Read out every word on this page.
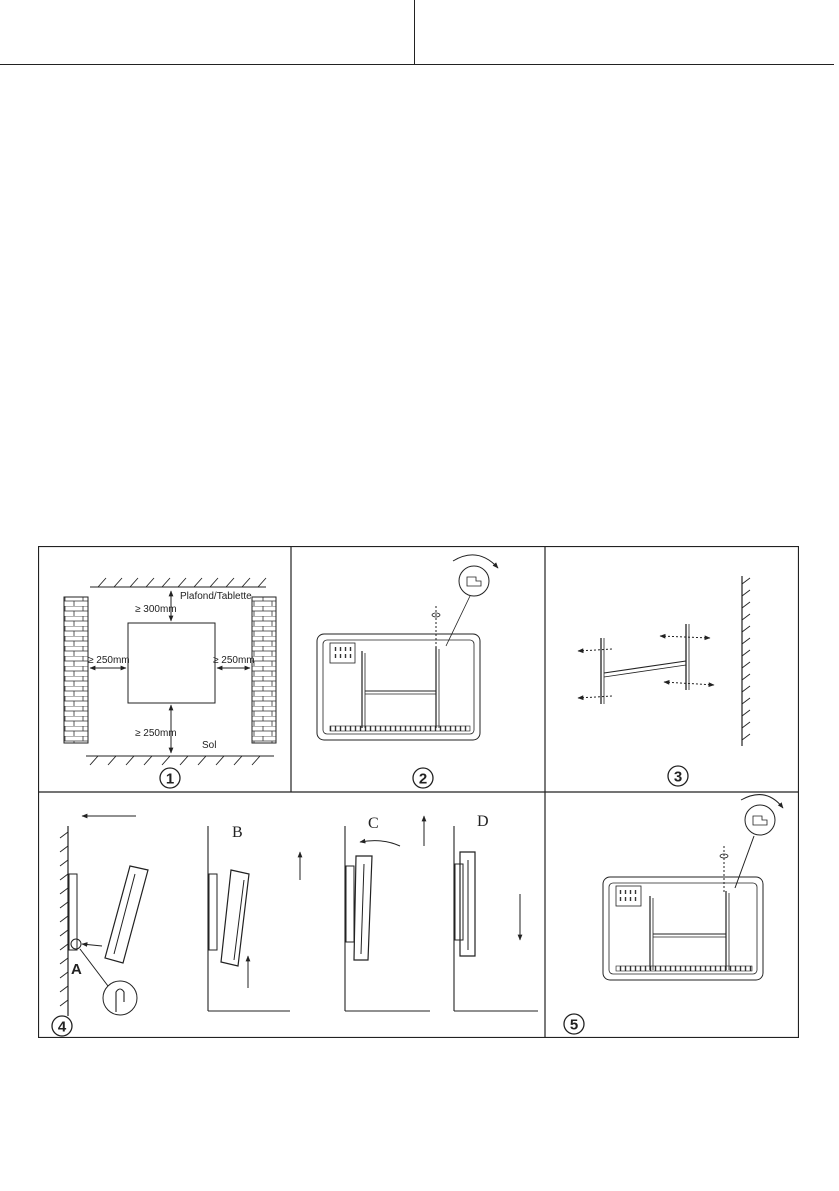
≥ 300mm
Plafond/Tablette
≥ 250mm	≥ 250mm
≥ 250mm
Sol
1	2	3
A
B
C	D
4	5
